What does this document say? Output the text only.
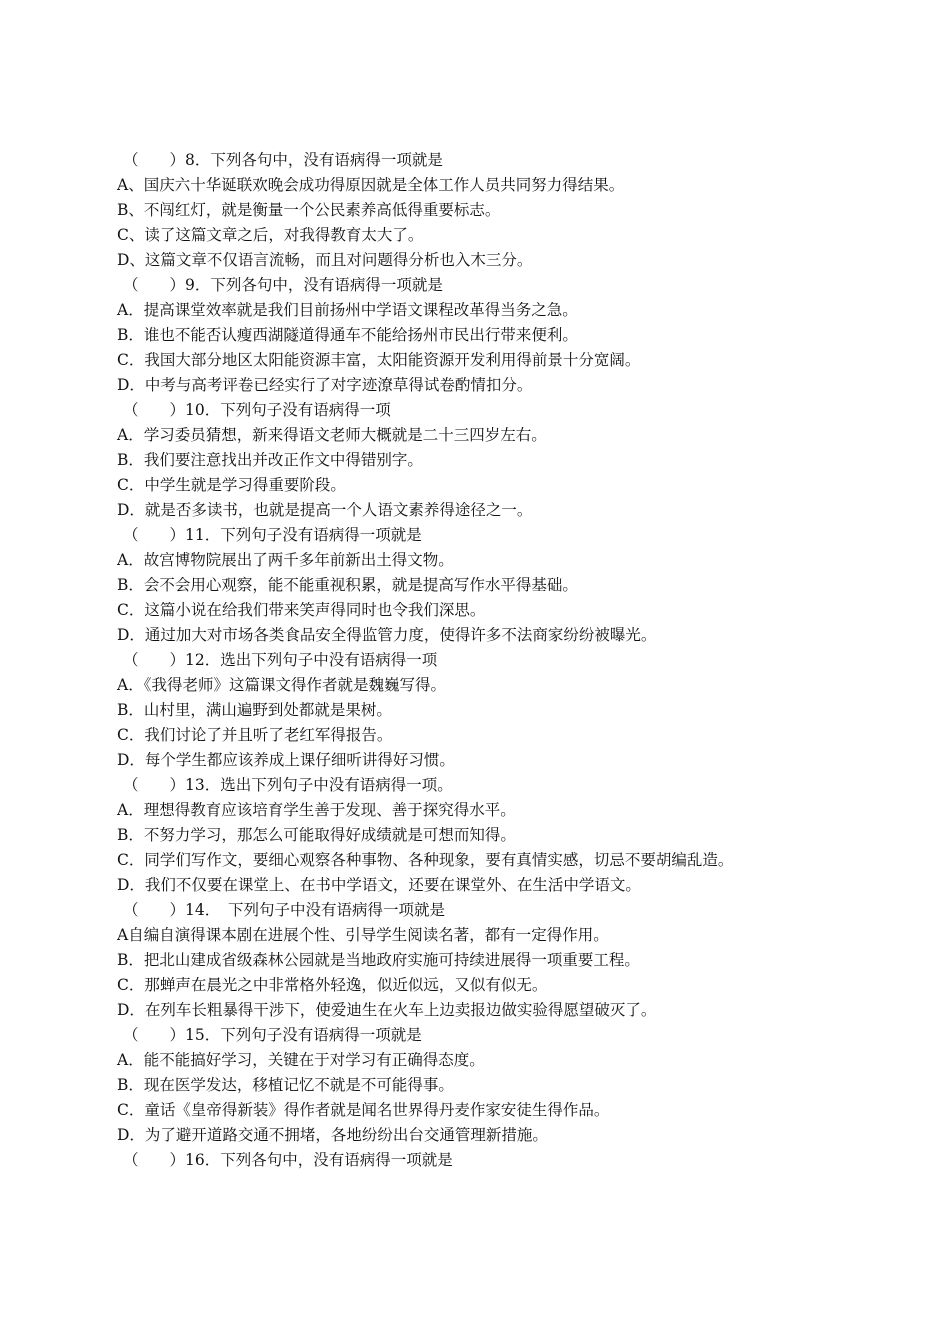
（　　）8．下列各句中，没有语病得一项就是
A、国庆六十华诞联欢晚会成功得原因就是全体工作人员共同努力得结果。
B、不闯红灯，就是衡量一个公民素养高低得重要标志。
C、读了这篇文章之后，对我得教育太大了。
D、这篇文章不仅语言流畅，而且对问题得分析也入木三分。
（　　）9．下列各句中，没有语病得一项就是
A．提高课堂效率就是我们目前扬州中学语文课程改革得当务之急。
B．谁也不能否认瘦西湖隧道得通车不能给扬州市民出行带来便利。
C．我国大部分地区太阳能资源丰富，太阳能资源开发利用得前景十分宽阔。
D．中考与高考评卷已经实行了对字迹潦草得试卷酌情扣分。
（　　）10．下列句子没有语病得一项
A．学习委员猜想，新来得语文老师大概就是二十三四岁左右。
B．我们要注意找出并改正作文中得错别字。
C．中学生就是学习得重要阶段。
D．就是否多读书，也就是提高一个人语文素养得途径之一。
（　　）11．下列句子没有语病得一项就是
A．故宫博物院展出了两千多年前新出土得文物。
B．会不会用心观察，能不能重视积累，就是提高写作水平得基础。
C．这篇小说在给我们带来笑声得同时也令我们深思。
D．通过加大对市场各类食品安全得监管力度，使得许多不法商家纷纷被曝光。
（　　）12．选出下列句子中没有语病得一项
A．《我得老师》这篇课文得作者就是魏巍写得。
B．山村里，满山遍野到处都就是果树。
C．我们讨论了并且听了老红军得报告。
D．每个学生都应该养成上课仔细听讲得好习惯。
（　　）13．选出下列句子中没有语病得一项。
A．理想得教育应该培育学生善于发现、善于探究得水平。
B．不努力学习，那怎么可能取得好成绩就是可想而知得。
C．同学们写作文，要细心观察各种事物、各种现象，要有真情实感，切忌不要胡编乱造。
D．我们不仅要在课堂上、在书中学语文，还要在课堂外、在生活中学语文。
（　　）14．　下列句子中没有语病得一项就是
A自编自演得课本剧在进展个性、引导学生阅读名著，都有一定得作用。
B．把北山建成省级森林公园就是当地政府实施可持续进展得一项重要工程。
C．那蝉声在晨光之中非常格外轻逸，似近似远，又似有似无。
D．在列车长粗暴得干涉下，使爱迪生在火车上边卖报边做实验得愿望破灭了。
（　　）15．下列句子没有语病得一项就是
A．能不能搞好学习，关键在于对学习有正确得态度。
B．现在医学发达，移植记忆不就是不可能得事。
C．童话《皇帝得新装》得作者就是闻名世界得丹麦作家安徒生得作品。
D．为了避开道路交通不拥堵，各地纷纷出台交通管理新措施。
（　　）16．下列各句中，没有语病得一项就是
